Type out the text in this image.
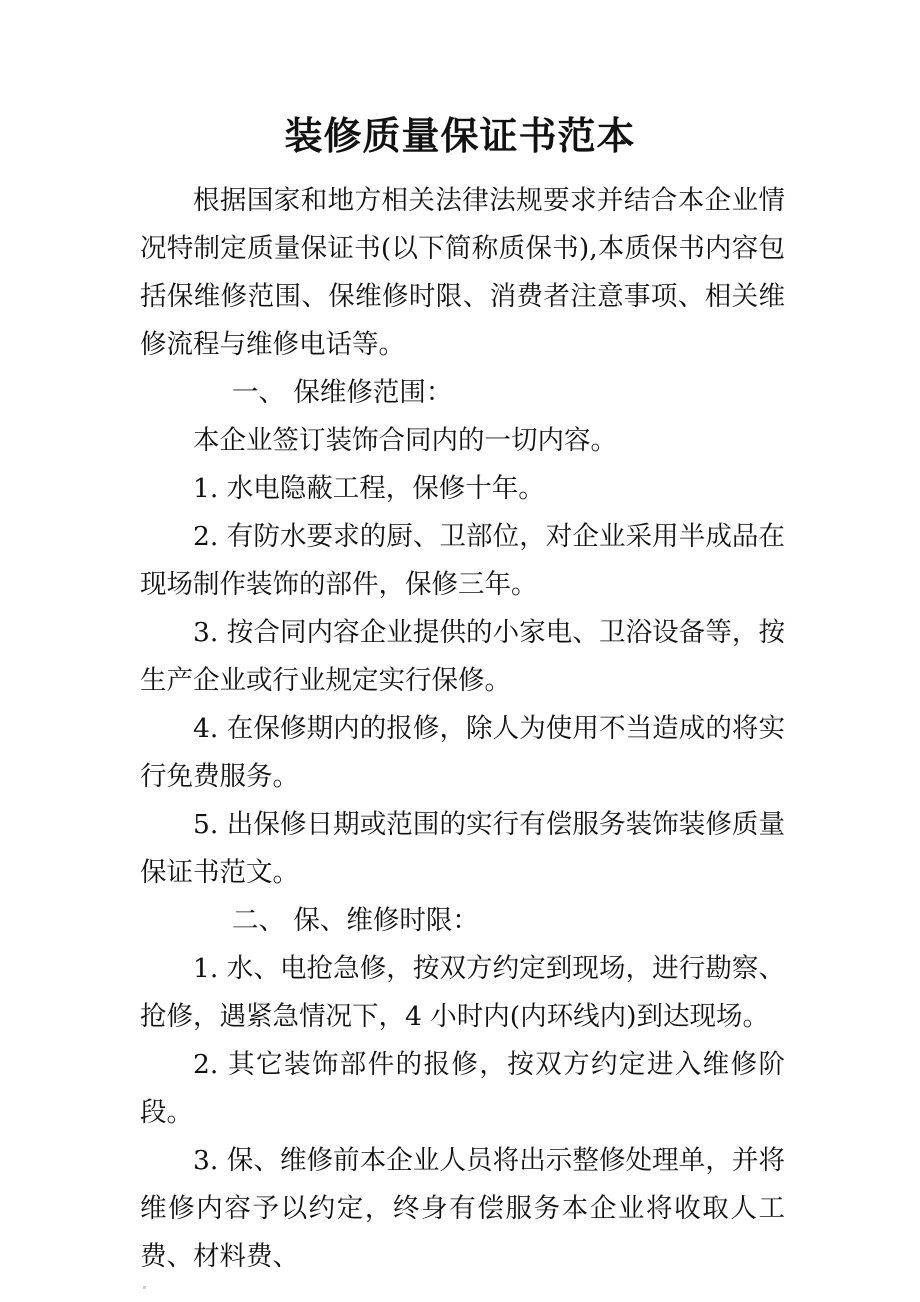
装修质量保证书范本

根据国家和地方相关法律法规要求并结合本企业情况特制定质量保证书(以下简称质保书),本质保书内容包括保维修范围、保维修时限、消费者注意事项、相关维修流程与维修电话等。

一、 保维修范围：

本企业签订装饰合同内的一切内容。

1. 水电隐蔽工程，保修十年。

2. 有防水要求的厨、卫部位，对企业采用半成品在现场制作装饰的部件，保修三年。

3. 按合同内容企业提供的小家电、卫浴设备等，按生产企业或行业规定实行保修。

4. 在保修期内的报修，除人为使用不当造成的将实行免费服务。

5. 出保修日期或范围的实行有偿服务装饰装修质量保证书范文。

二、 保、维修时限：

1. 水、电抢急修，按双方约定到现场，进行勘察、抢修，遇紧急情况下，4 小时内(内环线内)到达现场。

2. 其它装饰部件的报修，按双方约定进入维修阶段。

3. 保、维修前本企业人员将出示整修处理单，并将维修内容予以约定，终身有偿服务本企业将收取人工费、材料费、
